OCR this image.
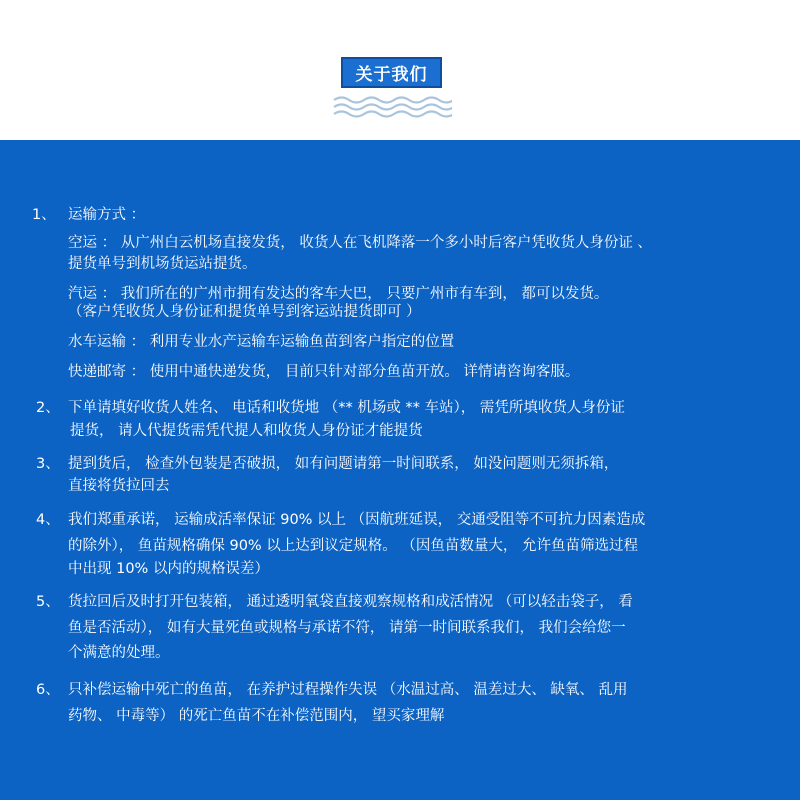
关于我们
1、 运输方式 ：
空运 ： 从广州白云机场直接发货， 收货人在飞机降落一个多小时后客户凭收货人身份证 、
提货单号到机场货运站提货。
汽运 ： 我们所在的广州市拥有发达的客车大巴， 只要广州市有车到， 都可以发货。
（客户凭收货人身份证和提货单号到客运站提货即可 ）
水车运输 ： 利用专业水产运输车运输鱼苗到客户指定的位置
快递邮寄 ： 使用中通快递发货， 目前只针对部分鱼苗开放。 详情请咨询客服。
2、 下单请填好收货人姓名、 电话和收货地 （** 机场或 ** 车站）， 需凭所填收货人身份证
提货， 请人代提货需凭代提人和收货人身份证才能提货
3、 提到货后， 检查外包装是否破损， 如有问题请第一时间联系， 如没问题则无须拆箱，
直接将货拉回去
4、 我们郑重承诺， 运输成活率保证 90% 以上 （因航班延误， 交通受阻等不可抗力因素造成
的除外）， 鱼苗规格确保 90% 以上达到议定规格。 （因鱼苗数量大， 允许鱼苗筛选过程
中出现 10% 以内的规格误差）
5、 货拉回后及时打开包装箱， 通过透明氧袋直接观察规格和成活情况 （可以轻击袋子， 看
鱼是否活动）， 如有大量死鱼或规格与承诺不符， 请第一时间联系我们， 我们会给您一
个满意的处理。
6、 只补偿运输中死亡的鱼苗， 在养护过程操作失误 （水温过高、 温差过大、 缺氧、 乱用
药物、 中毒等） 的死亡鱼苗不在补偿范围内， 望买家理解
